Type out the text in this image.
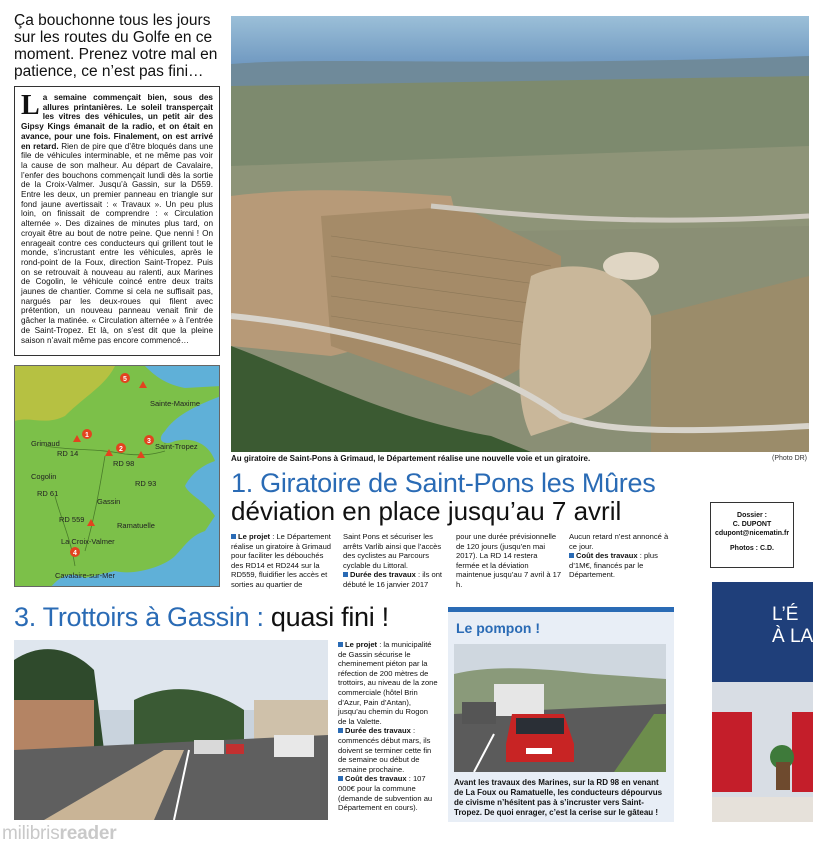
Ça bouchonne tous les jours sur les routes du Golfe en ce moment. Prenez votre mal en patience, ce n’est pas fini…
L a semaine commençait bien, sous des allures printanières. Le soleil transperçait les vitres des véhicules, un petit air des Gipsy Kings émanait de la radio, et on était en avance, pour une fois. Finalement, on est arrivé en retard. Rien de pire que d’être bloqués dans une file de véhicules interminable, et ne même pas voir la cause de son malheur. Au départ de Cavalaire, l’enfer des bouchons commençait lundi dès la sortie de la Croix-Valmer. Jusqu’à Gassin, sur la D559. Entre les deux, un premier panneau en triangle sur fond jaune avertissait : « Travaux ». Un peu plus loin, on finissait de comprendre : « Circulation alternée ». Des dizaines de minutes plus tard, on croyait être au bout de notre peine. Que nenni ! On enrageait contre ces conducteurs qui grillent tout le monde, s’incrustant entre les véhicules, après le rond-point de la Foux, direction Saint-Tropez. Puis on se retrouvait à nouveau au ralenti, aux Marines de Cogolin, le véhicule coincé entre deux traits jaunes de chantier. Comme si cela ne suffisait pas, nargués par les deux-roues qui filent avec prétention, un nouveau panneau venait finir de gâcher la matinée. « Circulation alternée » à l’entrée de Saint-Tropez. Et là, on s’est dit que la pleine saison n’avait même pas encore commencé…

Sainte-Maxime
Grimaud	Saint-Tropez
Cogolin
Gassin
Ramatuelle
La Croix-Valmer
Cavalaire-sur-Mer
RD 98
RD 14
RD 61
RD 559
RD 93
1
2
3
4
5
Au giratoire de Saint-Pons à Grimaud, le Département réalise une nouvelle voie et un giratoire.	(Photo DR)
1. Giratoire de Saint-Pons les Mûres
déviation en place jusqu’au 7 avril	Dossier :
C. DUPONT
cdupont@nicematin.fr
Photos : C.D.
Le projet : Le Département réalise un giratoire à Grimaud pour faciliter les débouchés des RD14 et RD244 sur la RD559, fluidifier les accès et sorties au quartier de
Saint Pons et sécuriser les arrêts Varlib ainsi que l’accès des cyclistes au Parcours cyclable du Littoral.
Durée des travaux : ils ont débuté le 16 janvier 2017
pour une durée prévisionnelle de 120 jours (jusqu’en mai 2017). La RD 14 restera fermée et la déviation maintenue jusqu’au 7 avril à 17 h.
Aucun retard n’est annoncé à ce jour.
Coût des travaux : plus d’1M€, financés par le Département.
3. Trottoirs à Gassin : quasi fini !
Le projet : la municipalité de Gassin sécurise le cheminement piéton par la réfection de 200 mètres de trottoirs, au niveau de la zone commerciale (hôtel Brin d’Azur, Pain d’Antan), jusqu’au chemin du Rogon de la Valette.
Durée des travaux : commencés début mars, ils doivent se terminer cette fin de semaine ou début de semaine prochaine.
Coût des travaux : 107 000€ pour la commune (demande de subvention au Département en cours).
Le pompon !
Avant les travaux des Marines, sur la RD 98 en venant de La Foux ou Ramatuelle, les conducteurs dépourvus de civisme n’hésitent pas à s’incruster vers Saint-Tropez. De quoi enrager, c’est la cerise sur le gâteau !
L’É
À LA
milibrisreader
